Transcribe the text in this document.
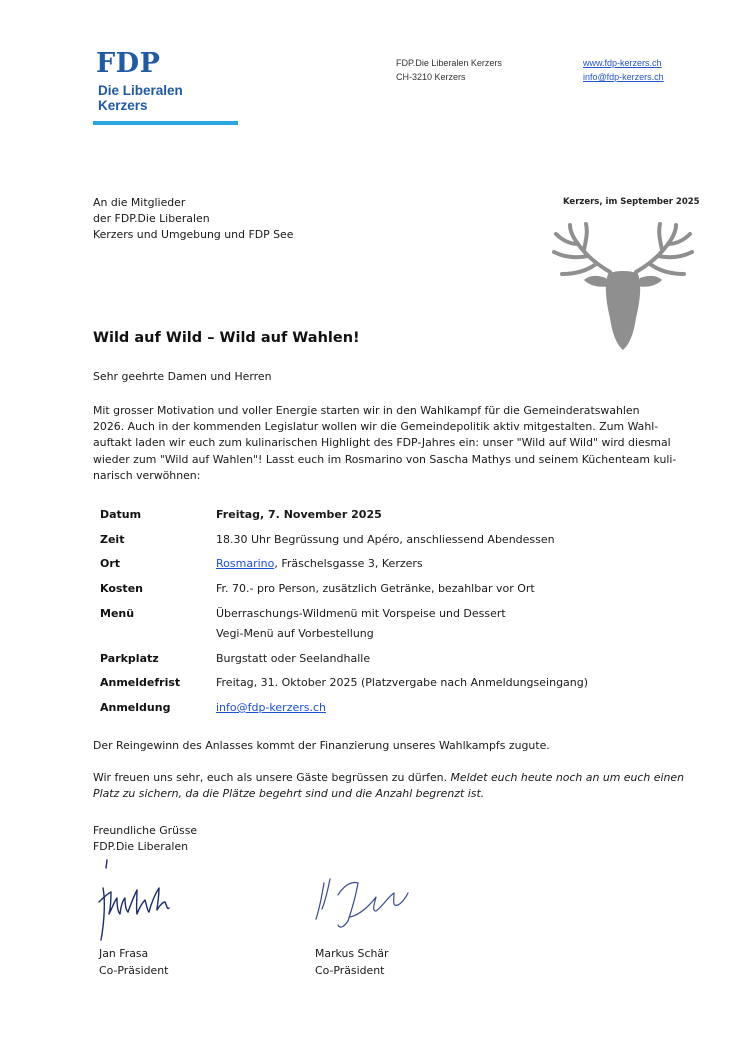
FDP
Die Liberalen
Kerzers
FDP.Die Liberalen Kerzers
CH-3210 Kerzers
www.fdp-kerzers.ch
info@fdp-kerzers.ch
An die Mitglieder
der FDP.Die Liberalen
Kerzers und Umgebung und FDP See
Kerzers, im September 2025
Wild auf Wild – Wild auf Wahlen!
Sehr geehrte Damen und Herren

Mit grosser Motivation und voller Energie starten wir in den Wahlkampf für die Gemeinderatswahlen

2026. Auch in der kommenden Legislatur wollen wir die Gemeindepolitik aktiv mitgestalten. Zum Wahl-

auftakt laden wir euch zum kulinarischen Highlight des FDP-Jahres ein: unser "Wild auf Wild" wird diesmal

wieder zum "Wild auf Wahlen"! Lasst euch im Rosmarino von Sascha Mathys und seinem Küchenteam kuli-

narisch verwöhnen:

Datum	Freitag, 7. November 2025
Zeit	18.30 Uhr Begrüssung und Apéro, anschliessend Abendessen
Ort	Rosmarino, Fräschelsgasse 3, Kerzers
Kosten	Fr. 70.- pro Person, zusätzlich Getränke, bezahlbar vor Ort
Menü	Überraschungs-Wildmenü mit Vorspeise und Dessert
Vegi-Menü auf Vorbestellung
Parkplatz	Burgstatt oder Seelandhalle
Anmeldefrist	Freitag, 31. Oktober 2025 (Platzvergabe nach Anmeldungseingang)
Anmeldung	info@fdp-kerzers.ch
Der Reingewinn des Anlasses kommt der Finanzierung unseres Wahlkampfs zugute.
Wir freuen uns sehr, euch als unsere Gäste begrüssen zu dürfen. Meldet euch heute noch an um euch einen
Platz zu sichern, da die Plätze begehrt sind und die Anzahl begrenzt ist.
Freundliche Grüsse
FDP.Die Liberalen
Jan Frasa
Co-Präsident
Markus Schär
Co-Präsident
